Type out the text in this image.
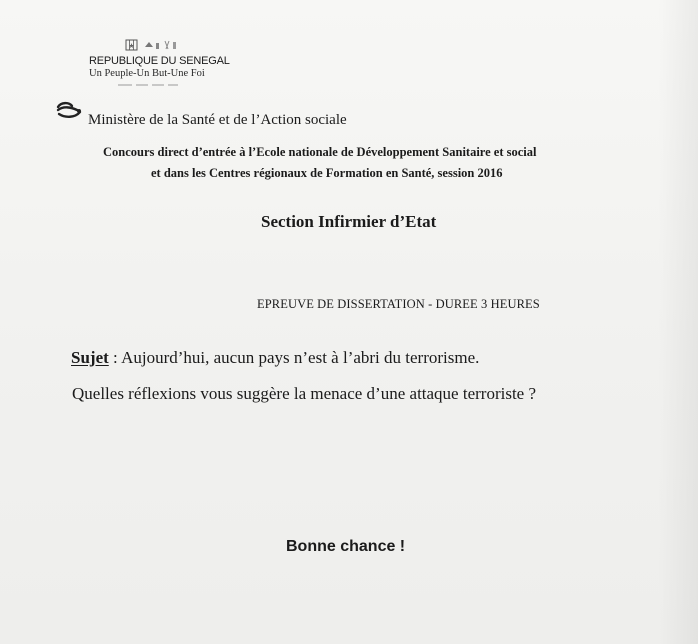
REPUBLIQUE DU SENEGAL
Un Peuple-Un But-Une Foi
Ministère de la Santé et de l’Action sociale
Concours direct d’entrée à l’Ecole nationale de Développement Sanitaire et social
et dans les Centres régionaux de Formation en Santé, session 2016
Section Infirmier d’Etat
EPREUVE DE DISSERTATION - DUREE 3 HEURES
Sujet : Aujourd’hui, aucun pays n’est à l’abri du terrorisme.
Quelles réflexions vous suggère la menace d’une attaque terroriste ?
Bonne chance !
